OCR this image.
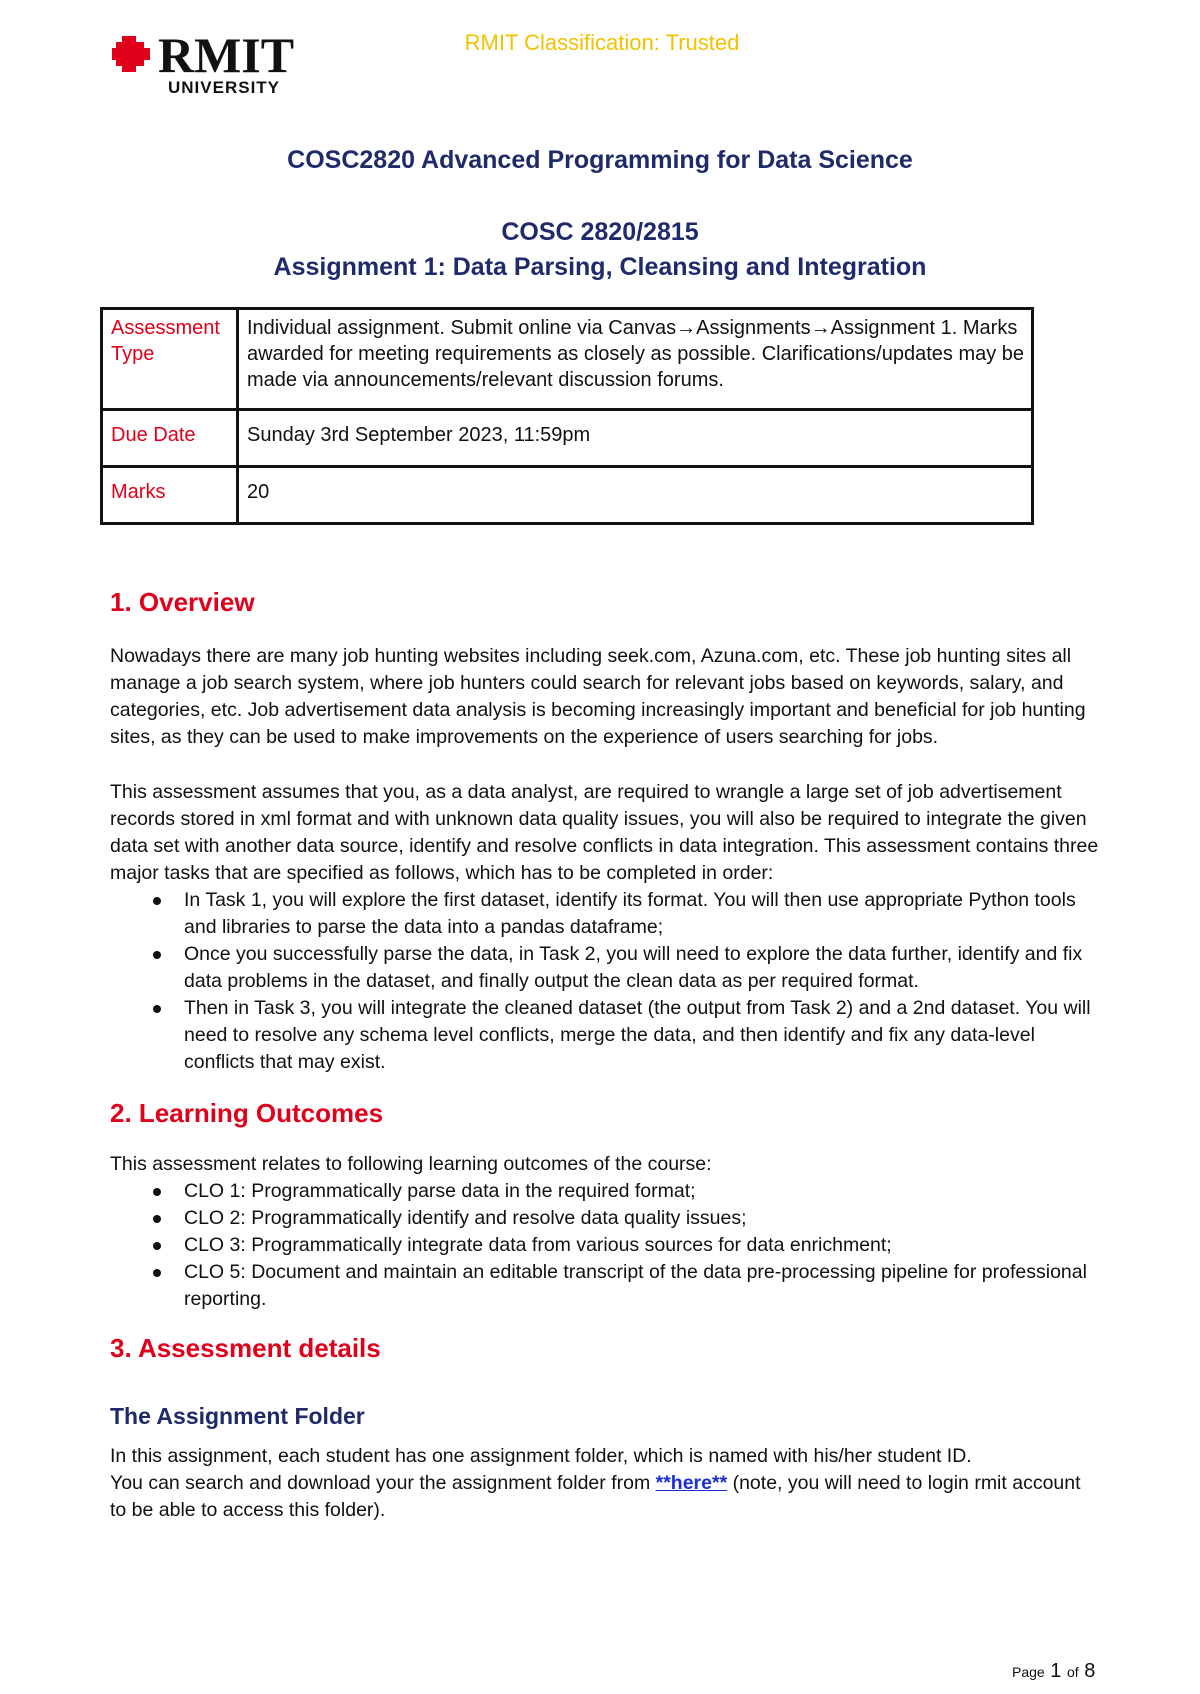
RMIT
UNIVERSITY
RMIT Classification: Trusted
COSC2820 Advanced Programming for Data Science
COSC 2820/2815
Assignment 1: Data Parsing, Cleansing and Integration
Assessment Type	Individual assignment. Submit online via Canvas→Assignments→Assignment 1. Marks awarded for meeting requirements as closely as possible. Clarifications/updates may be made via announcements/relevant discussion forums.
Due Date	Sunday 3rd September 2023, 11:59pm
Marks	20
1. Overview

Nowadays there are many job hunting websites including seek.com, Azuna.com, etc. These job hunting sites all manage a job search system, where job hunters could search for relevant jobs based on keywords, salary, and categories, etc. Job advertisement data analysis is becoming increasingly important and beneficial for job hunting sites, as they can be used to make improvements on the experience of users searching for jobs.

This assessment assumes that you, as a data analyst, are required to wrangle a large set of job advertisement records stored in xml format and with unknown data quality issues, you will also be required to integrate the given data set with another data source, identify and resolve conflicts in data integration. This assessment contains three major tasks that are specified as follows, which has to be completed in order:

In Task 1, you will explore the first dataset, identify its format. You will then use appropriate Python tools and libraries to parse the data into a pandas dataframe;
Once you successfully parse the data, in Task 2, you will need to explore the data further, identify and fix data problems in the dataset, and finally output the clean data as per required format.
Then in Task 3, you will integrate the cleaned dataset (the output from Task 2) and a 2nd dataset. You will need to resolve any schema level conflicts, merge the data, and then identify and fix any data-level conflicts that may exist.
2. Learning Outcomes
This assessment relates to following learning outcomes of the course:
CLO 1: Programmatically parse data in the required format;
CLO 2: Programmatically identify and resolve data quality issues;
CLO 3: Programmatically integrate data from various sources for data enrichment;
CLO 5: Document and maintain an editable transcript of the data pre-processing pipeline for professional reporting.
3. Assessment details
The Assignment Folder

In this assignment, each student has one assignment folder, which is named with his/her student ID.

You can search and download your the assignment folder from **here** (note, you will need to login rmit account to be able to access this folder).

Page 1 of 8
